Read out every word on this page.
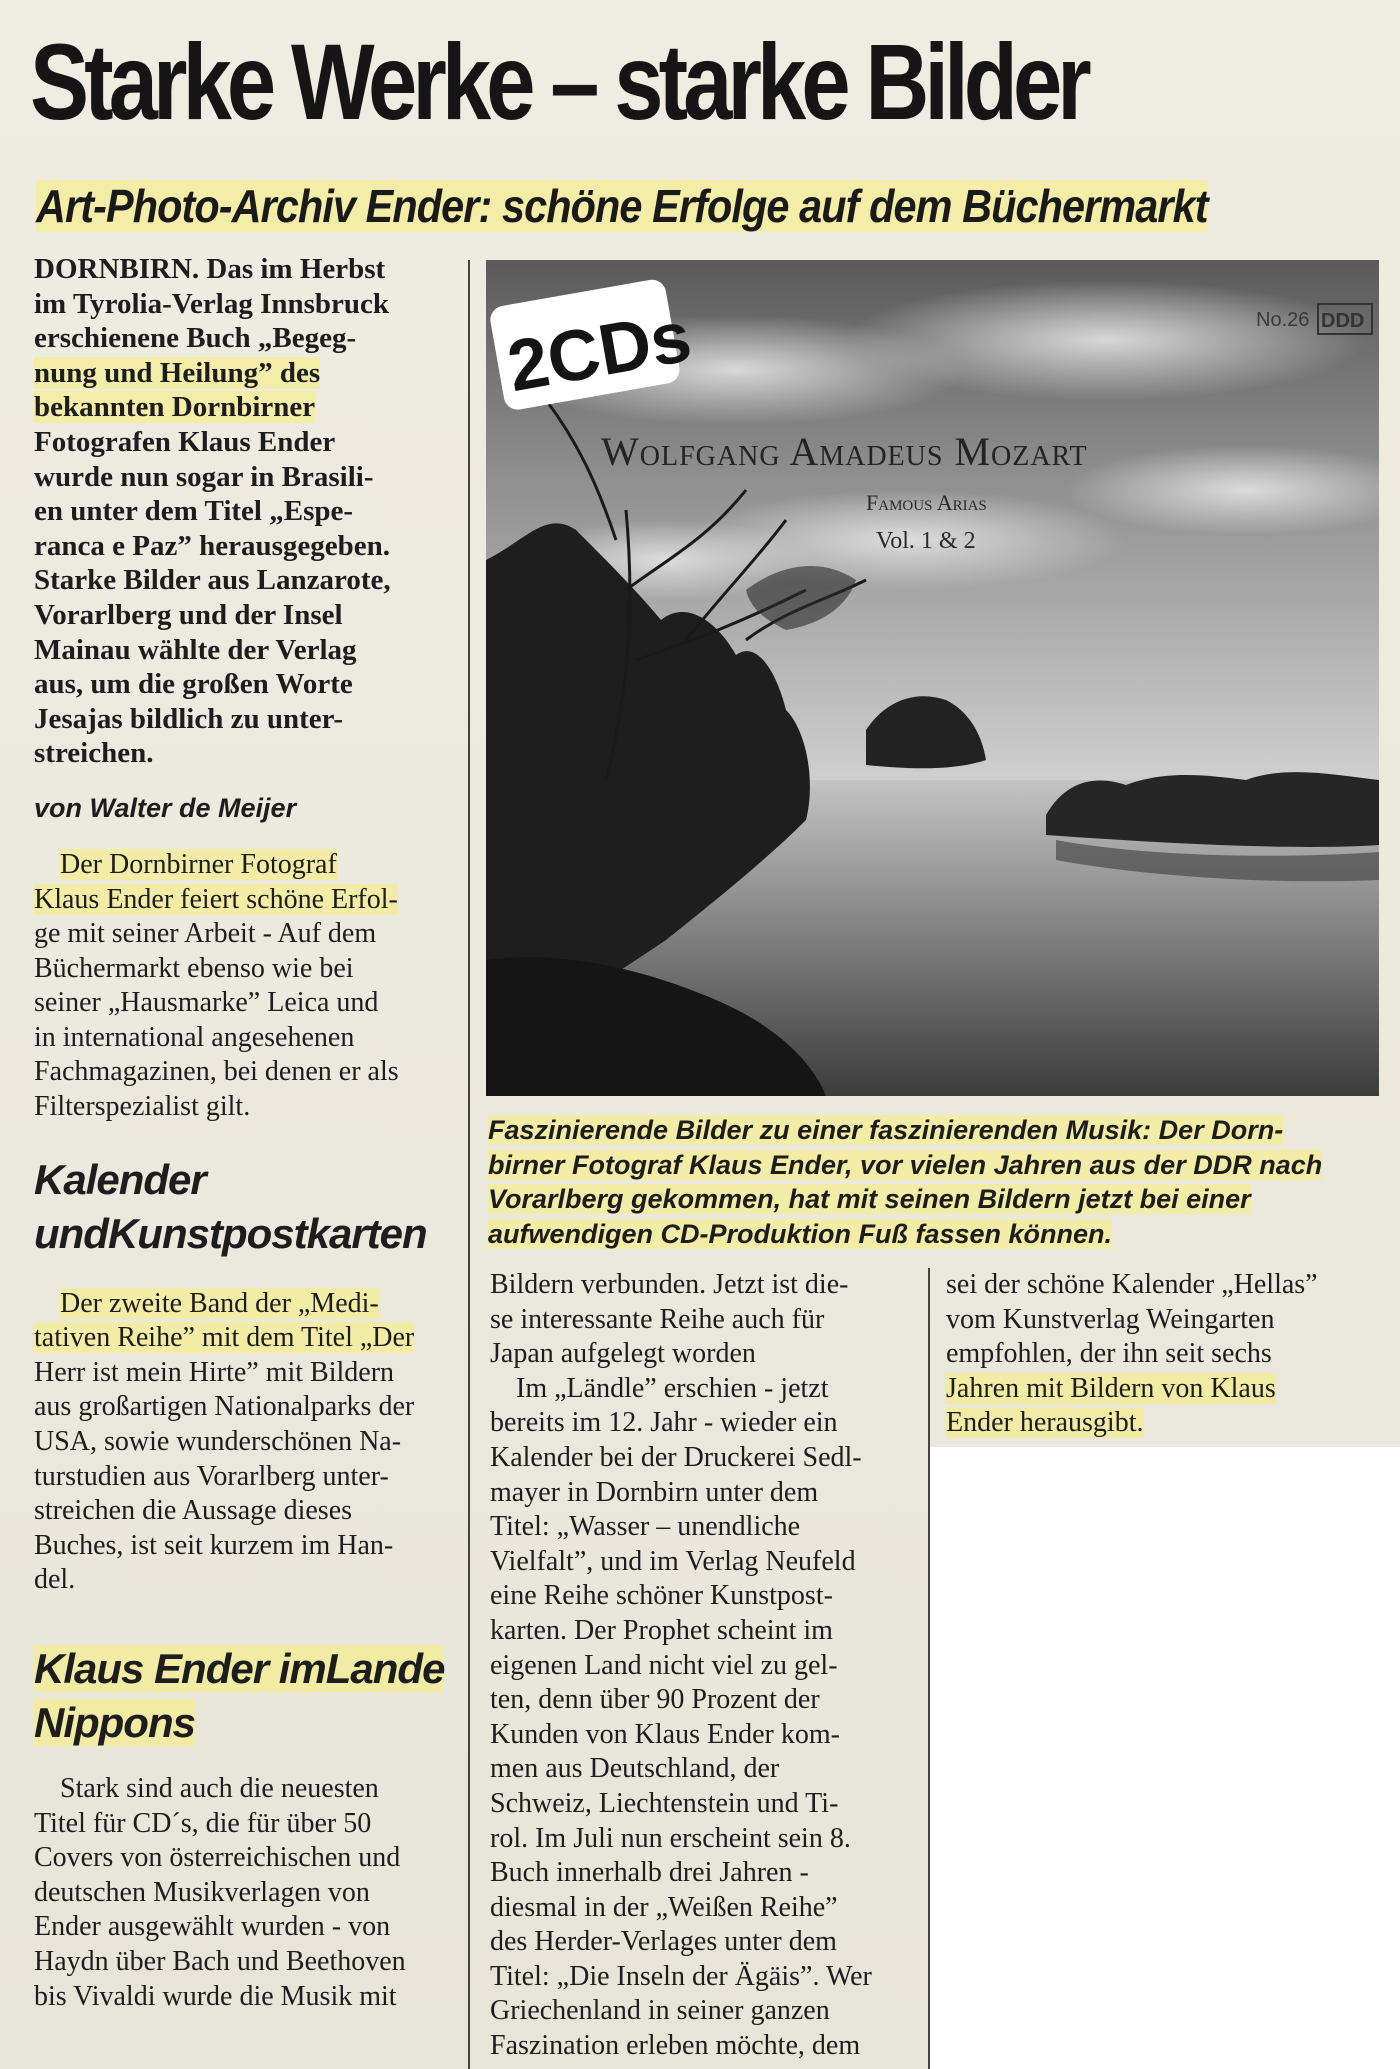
Starke Werke – starke Bilder
Art-Photo-Archiv Ender: schöne Erfolge auf dem Büchermarkt
DORNBIRN. Das im Herbst
im Tyrolia-Verlag Innsbruck
erschienene Buch „Begeg-
nung und Heilung” des
bekannten Dornbirner
Fotografen Klaus Ender
wurde nun sogar in Brasili-
en unter dem Titel „Espe-
ranca e Paz” herausgegeben.
Starke Bilder aus Lanzarote,
Vorarlberg und der Insel
Mainau wählte der Verlag
aus, um die großen Worte
Jesajas bildlich zu unter-
streichen.

von Walter de Meijer

Der Dornbirner Fotograf
Klaus Ender feiert schöne Erfol-
ge mit seiner Arbeit - Auf dem
Büchermarkt ebenso wie bei
seiner „Hausmarke” Leica und
in international angesehenen
Fachmagazinen, bei denen er als
Filterspezialist gilt.
Kalender undKunstpostkarten
Der zweite Band der „Medi-
tativen Reihe” mit dem Titel „Der
Herr ist mein Hirte” mit Bildern
aus großartigen Nationalparks der
USA, sowie wunderschönen Na-
turstudien aus Vorarlberg unter-
streichen die Aussage dieses
Buches, ist seit kurzem im Han-
del.
Klaus Ender imLande Nippons
Stark sind auch die neuesten
Titel für CD´s, die für über 50
Covers von österreichischen und
deutschen Musikverlagen von
Ender ausgewählt wurden - von
Haydn über Bach und Beethoven
bis Vivaldi wurde die Musik mit
2CDs	No.26 DDD
Wolfgang Amadeus Mozart
Famous Arias
Vol. 1 & 2
Faszinierende Bilder zu einer faszinierenden Musik: Der Dorn-
birner Fotograf Klaus Ender, vor vielen Jahren aus der DDR nach
Vorarlberg gekommen, hat mit seinen Bildern jetzt bei einer
aufwendigen CD-Produktion Fuß fassen können.
Bildern verbunden. Jetzt ist die-
se interessante Reihe auch für
Japan aufgelegt worden
Im „Ländle” erschien - jetzt
bereits im 12. Jahr - wieder ein
Kalender bei der Druckerei Sedl-
mayer in Dornbirn unter dem
Titel: „Wasser – unendliche
Vielfalt”, und im Verlag Neufeld
eine Reihe schöner Kunstpost-
karten. Der Prophet scheint im
eigenen Land nicht viel zu gel-
ten, denn über 90 Prozent der
Kunden von Klaus Ender kom-
men aus Deutschland, der
Schweiz, Liechtenstein und Ti-
rol. Im Juli nun erscheint sein 8.
Buch innerhalb drei Jahren -
diesmal in der „Weißen Reihe”
des Herder-Verlages unter dem
Titel: „Die Inseln der Ägäis”. Wer
Griechenland in seiner ganzen
Faszination erleben möchte, dem
sei der schöne Kalender „Hellas”
vom Kunstverlag Weingarten
empfohlen, der ihn seit sechs
Jahren mit Bildern von Klaus
Ender herausgibt.
